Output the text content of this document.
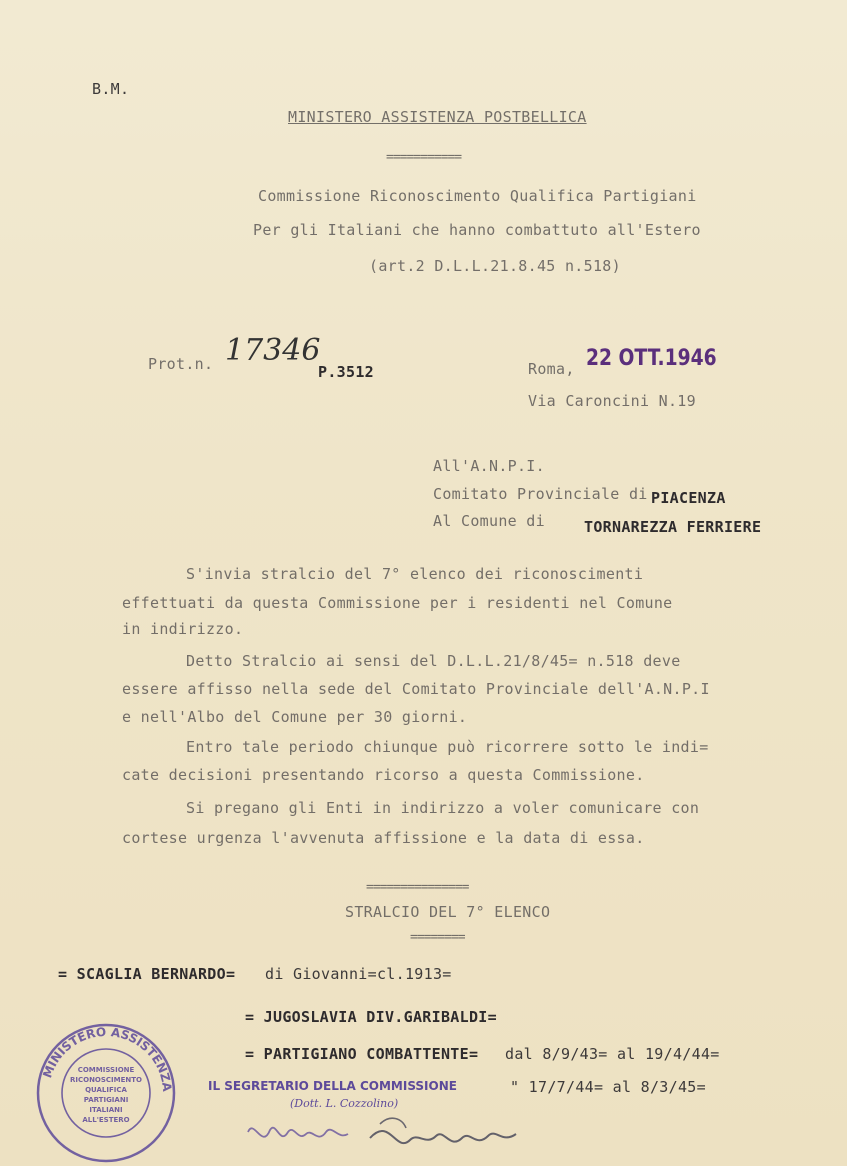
B.M.
MINISTERO ASSISTENZA POSTBELLICA
===========
Commissione Riconoscimento Qualifica Partigiani
Per gli Italiani che hanno combattuto all'Estero
(art.2 D.L.L.21.8.45 n.518)
Prot.n. 17346
P.3512	Roma, 22 OTT.1946
Via Caroncini N.19
All'A.N.P.I.
Comitato Provinciale di PIACENZA
Al Comune di	TORNAREZZA FERRIERE
S'invia stralcio del 7° elenco dei riconoscimenti
effettuati da questa Commissione per i residenti nel Comune
in indirizzo.
Detto Stralcio ai sensi del D.L.L.21/8/45= n.518 deve
essere affisso nella sede del Comitato Provinciale dell'A.N.P.I
e nell'Albo del Comune per 30 giorni.
Entro tale periodo chiunque può ricorrere sotto le indi=
cate decisioni presentando ricorso a questa Commissione.
Si pregano gli Enti in indirizzo a voler comunicare con
cortese urgenza l'avvenuta affissione e la data di essa.
===============
STRALCIO DEL 7° ELENCO
========
= SCAGLIA BERNARDO= di Giovanni=cl.1913=
= JUGOSLAVIA DIV.GARIBALDI=
= PARTIGIANO COMBATTENTE= dal 8/9/43= al 19/4/44=
" 17/7/44= al 8/3/45=
IL SEGRETARIO DELLA COMMISSIONE
(Dott. L. Cozzolino)
MINISTERO ASSISTENZA
COMMISSIONE
RICONOSCIMENTO
QUALIFICA
PARTIGIANI
ITALIANI
ALL'ESTERO
